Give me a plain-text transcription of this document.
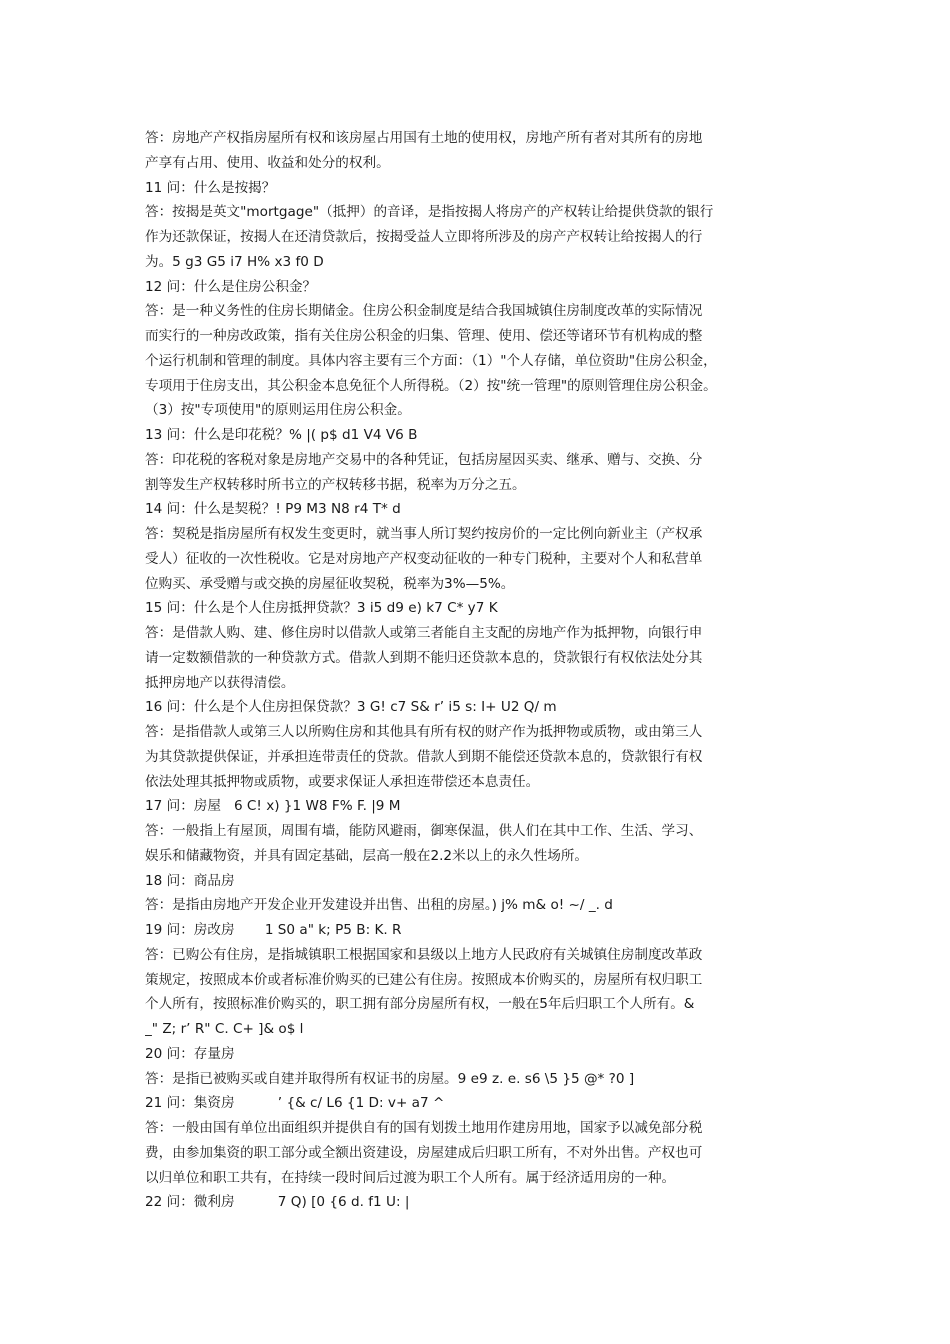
答：房地产产权指房屋所有权和该房屋占用国有土地的使用权，房地产所有者对其所有的房地
产享有占用、使用、收益和处分的权利。
11 问：什么是按揭？
答：按揭是英文"mortgage"（抵押）的音译，是指按揭人将房产的产权转让给提供贷款的银行
作为还款保证，按揭人在还清贷款后，按揭受益人立即将所涉及的房产产权转让给按揭人的行
为。5 g3 G5 i7 H% x3 f0 D
12 问：什么是住房公积金？
答：是一种义务性的住房长期储金。住房公积金制度是结合我国城镇住房制度改革的实际情况
而实行的一种房改政策，指有关住房公积金的归集、管理、使用、偿还等诸环节有机构成的整
个运行机制和管理的制度。具体内容主要有三个方面：（1）"个人存储，单位资助"住房公积金，
专项用于住房支出，其公积金本息免征个人所得税。（2）按"统一管理"的原则管理住房公积金。
（3）按"专项使用"的原则运用住房公积金。
13 问：什么是印花税？% |( p$ d1 V4 V6 B
答：印花税的客税对象是房地产交易中的各种凭证，包括房屋因买卖、继承、赠与、交换、分
割等发生产权转移时所书立的产权转移书据，税率为万分之五。
14 问：什么是契税？! P9 M3 N8 r4 T* d
答：契税是指房屋所有权发生变更时，就当事人所订契约按房价的一定比例向新业主（产权承
受人）征收的一次性税收。它是对房地产产权变动征收的一种专门税种，主要对个人和私营单
位购买、承受赠与或交换的房屋征收契税，税率为3%—5%。
15 问：什么是个人住房抵押贷款？3 i5 d9 e) k7 C* y7 K
答：是借款人购、建、修住房时以借款人或第三者能自主支配的房地产作为抵押物，向银行申
请一定数额借款的一种贷款方式。借款人到期不能归还贷款本息的，贷款银行有权依法处分其
抵押房地产以获得清偿。
16 问：什么是个人住房担保贷款？3 G! c7 S& r’ i5 s: I+ U2 Q/ m
答：是指借款人或第三人以所购住房和其他具有所有权的财产作为抵押物或质物，或由第三人
为其贷款提供保证，并承担连带责任的贷款。借款人到期不能偿还贷款本息的，贷款银行有权
依法处理其抵押物或质物，或要求保证人承担连带偿还本息责任。
17 问：房屋   6 C! x) }1 W8 F% F. |9 M
答：一般指上有屋顶，周围有墙，能防风避雨，御寒保温，供人们在其中工作、生活、学习、
娱乐和储藏物资，并具有固定基础，层高一般在2.2米以上的永久性场所。
18 问：商品房
答：是指由房地产开发企业开发建设并出售、出租的房屋。) j% m& o! ~/ _. d
19 问：房改房       1 S0 a" k; P5 B: K. R
答：已购公有住房，是指城镇职工根据国家和县级以上地方人民政府有关城镇住房制度改革政
策规定，按照成本价或者标准价购买的已建公有住房。按照成本价购买的，房屋所有权归职工
个人所有，按照标准价购买的，职工拥有部分房屋所有权，一般在5年后归职工个人所有。&
_" Z; r’ R" C. C+ ]& o$ l
20 问：存量房
答：是指已被购买或自建并取得所有权证书的房屋。9 e9 z. e. s6 \5 }5 @* ?0 ]
21 问：集资房          ’ {& c/ L6 {1 D: v+ a7 ^
答：一般由国有单位出面组织并提供自有的国有划拨土地用作建房用地，国家予以减免部分税
费，由参加集资的职工部分或全额出资建设，房屋建成后归职工所有，不对外出售。产权也可
以归单位和职工共有，在持续一段时间后过渡为职工个人所有。属于经济适用房的一种。
22 问：微利房          7 Q) [0 {6 d. f1 U: |
